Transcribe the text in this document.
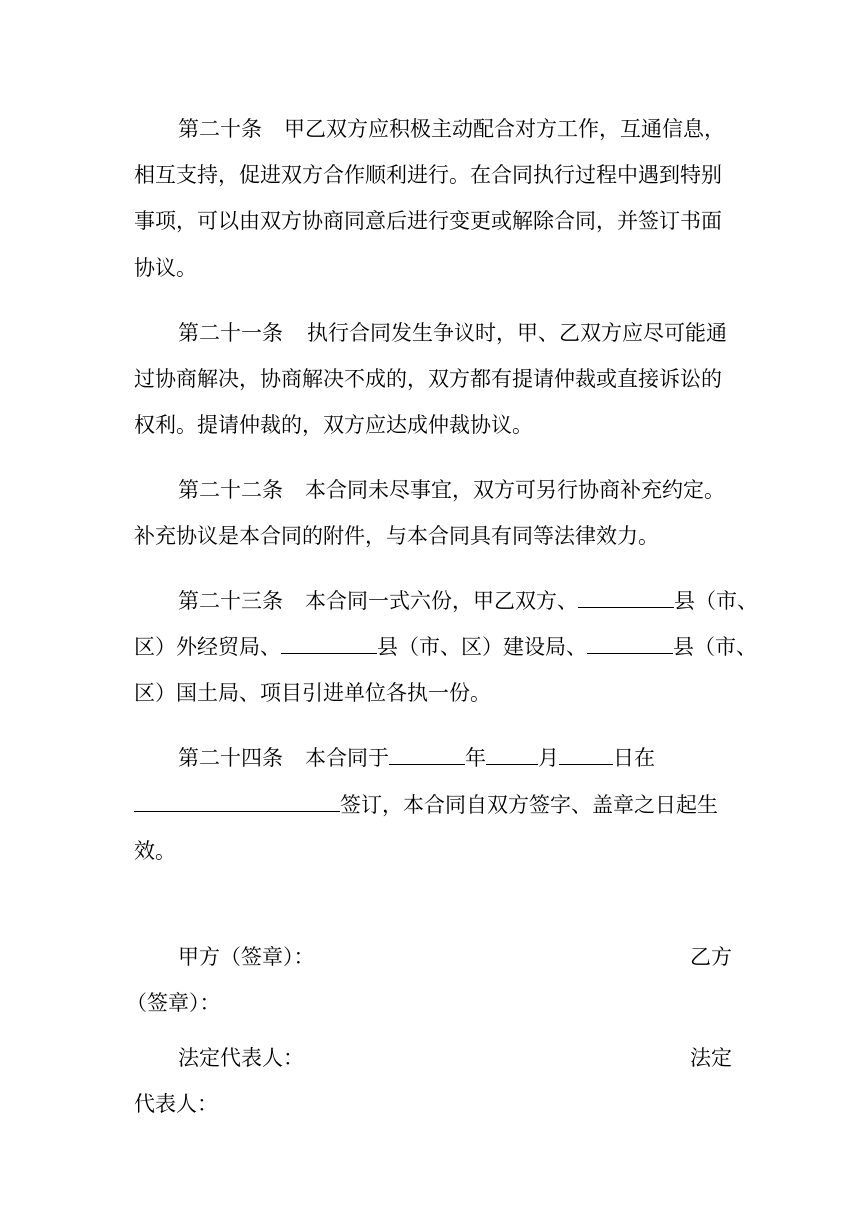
第二十条 甲乙双方应积极主动配合对方工作，互通信息，
相互支持，促进双方合作顺利进行。在合同执行过程中遇到特别
事项，可以由双方协商同意后进行变更或解除合同，并签订书面
协议。
第二十一条 执行合同发生争议时，甲、乙双方应尽可能通
过协商解决，协商解决不成的，双方都有提请仲裁或直接诉讼的
权利。提请仲裁的，双方应达成仲裁协议。
第二十二条 本合同未尽事宜，双方可另行协商补充约定。
补充协议是本合同的附件，与本合同具有同等法律效力。
第二十三条 本合同一式六份，甲乙双方、	县（市、
区）外经贸局、	县（市、区）建设局、	县（市、
区）国土局、项目引进单位各执一份。
第二十四条 本合同于	年 月	日在
签订，本合同自双方签字、盖章之日起生
效。
甲方（签章）：	乙方
（签章）：
法定代表人：	法定
代表人：
